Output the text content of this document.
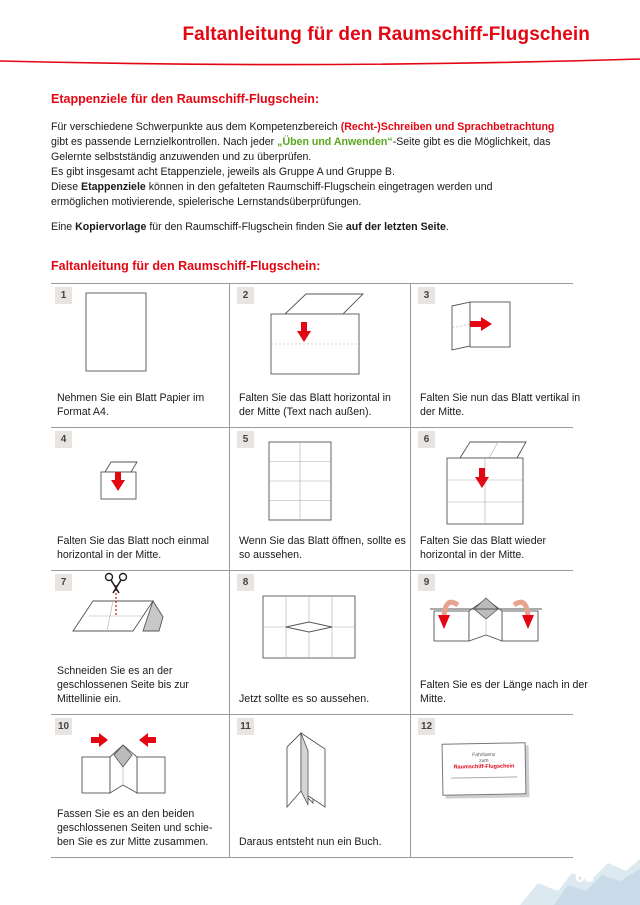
Faltanleitung für den Raumschiff-Flugschein
Etappenziele für den Raumschiff-Flugschein:

Für verschiedene Schwerpunkte aus dem Kompetenzbereich (Recht-)Schreiben und Sprachbetrachtung

gibt es passende Lernzielkontrollen. Nach jeder „Üben und Anwenden“-Seite gibt es die Möglichkeit, das

Gelernte selbstständig anzuwenden und zu überprüfen.

Es gibt insgesamt acht Etappenziele, jeweils als Gruppe A und Gruppe B.

Diese Etappenziele können in den gefalteten Raumschiff-Flugschein eingetragen werden und

ermöglichen motivierende, spielerische Lernstandsüberprüfungen.

Eine Kopiervorlage für den Raumschiff-Flugschein finden Sie auf der letzten Seite.
Faltanleitung für den Raumschiff-Flugschein:
1
Nehmen Sie ein Blatt Papier im Format A4.
2
Falten Sie das Blatt horizontal in der Mitte (Text nach außen).
3
Falten Sie nun das Blatt vertikal in der Mitte.
4
Falten Sie das Blatt noch einmal horizontal in der Mitte.
5
Wenn Sie das Blatt öffnen, sollte es so aussehen.
6
Falten Sie das Blatt wieder horizontal in der Mitte.
7
Schneiden Sie es an der geschlossenen Seite bis zur Mittellinie ein.
8
Jetzt sollte es so aussehen.
9
Falten Sie es der Länge nach in der Mitte.
10
Fassen Sie es an den beiden geschlossenen Seiten und schie-ben Sie es zur Mitte zusammen.
11
Daraus entsteht nun ein Buch.
12
Fahrlizenz
zum
Raumschiff-Flugschein
63
